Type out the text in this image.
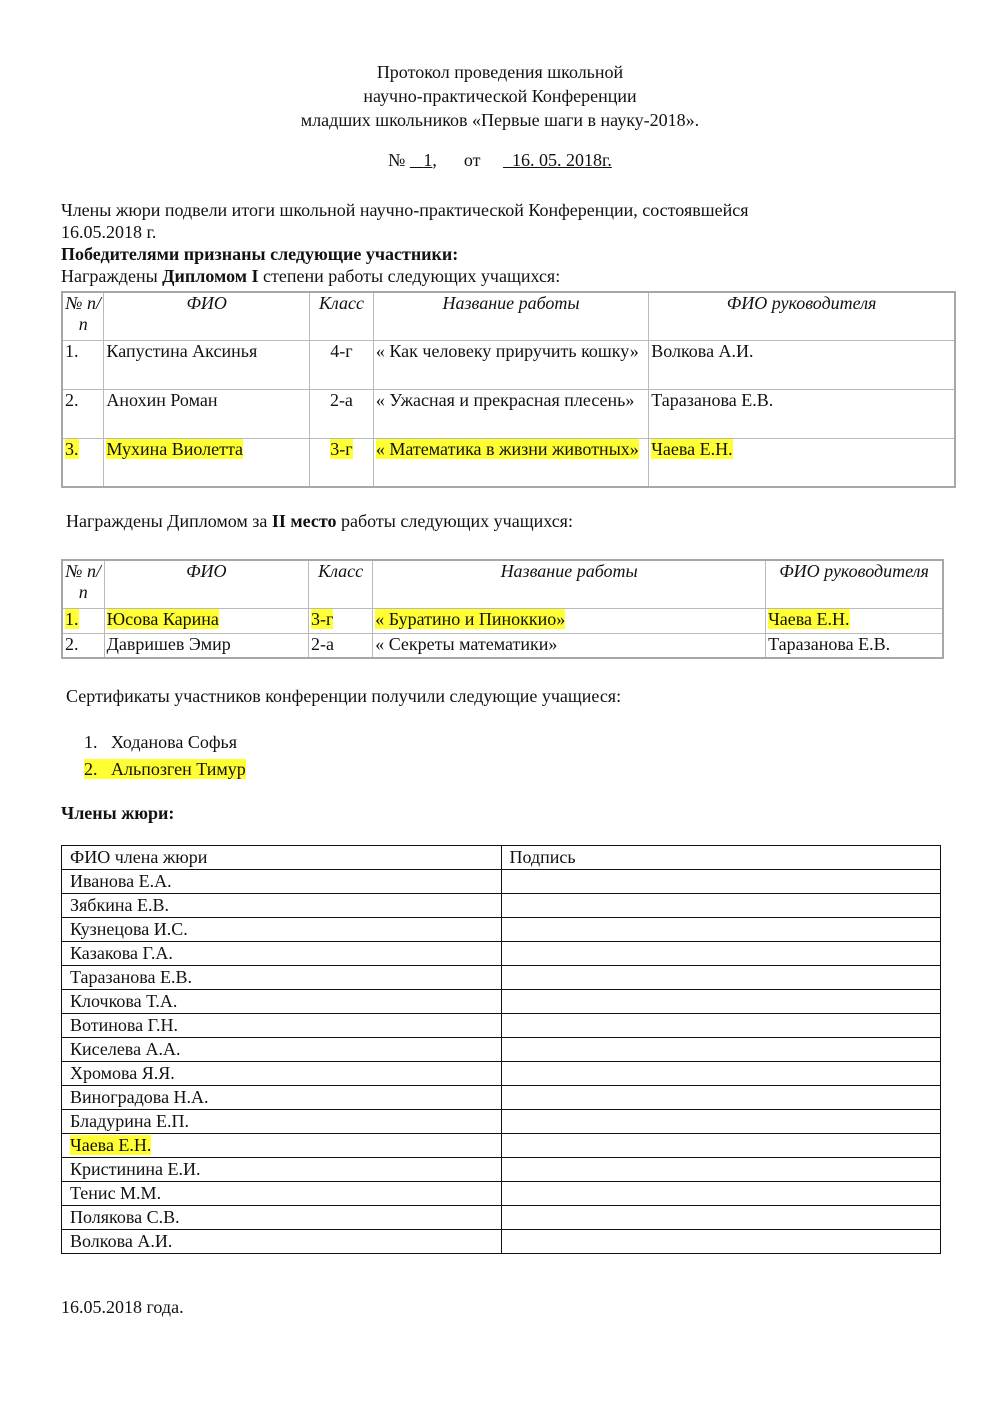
Протокол проведения школьной
научно-практической Конференции
младших школьников «Первые шаги в науку-2018».
№ 1,      от 16. 05. 2018г.

Члены жюри подвели итоги школьной научно-практической Конференции, состоявшейся

16.05.2018 г.

Победителями признаны следующие участники:

Награждены Дипломом I степени работы следующих учащихся:

№ п/п	ФИО	Класс	Название работы	ФИО руководителя
1.	Капустина Аксинья	4-г	« Как человеку приручить кошку»	Волкова А.И.
2.	Анохин Роман	2-а	« Ужасная и прекрасная плесень»	Таразанова Е.В.
3.	Мухина Виолетта	3-г	« Математика в жизни животных»	Чаева Е.Н.
Награждены Дипломом за II место работы следующих учащихся:
№ п/п	ФИО	Класс	Название работы	ФИО руководителя
1.	Юсова Карина	3-г	« Буратино и Пиноккио»	Чаева Е.Н.
2.	Давришев Эмир	2-а	« Секреты математики»	Таразанова Е.В.
Сертификаты участников конференции получили следующие учащиеся:
1. Ходанова Софья
2. Альпозген Тимур
Члены жюри:
ФИО члена жюри	Подпись
Иванова Е.А.	
Зябкина Е.В.	
Кузнецова И.С.	
Казакова Г.А.	
Таразанова Е.В.	
Клочкова Т.А.	
Вотинова Г.Н.	
Киселева А.А.	
Хромова Я.Я.	
Виноградова Н.А.	
Бладурина Е.П.	
Чаева Е.Н.	
Кристинина Е.И.	
Тенис М.М.	
Полякова С.В.	
Волкова А.И.	
16.05.2018 года.
